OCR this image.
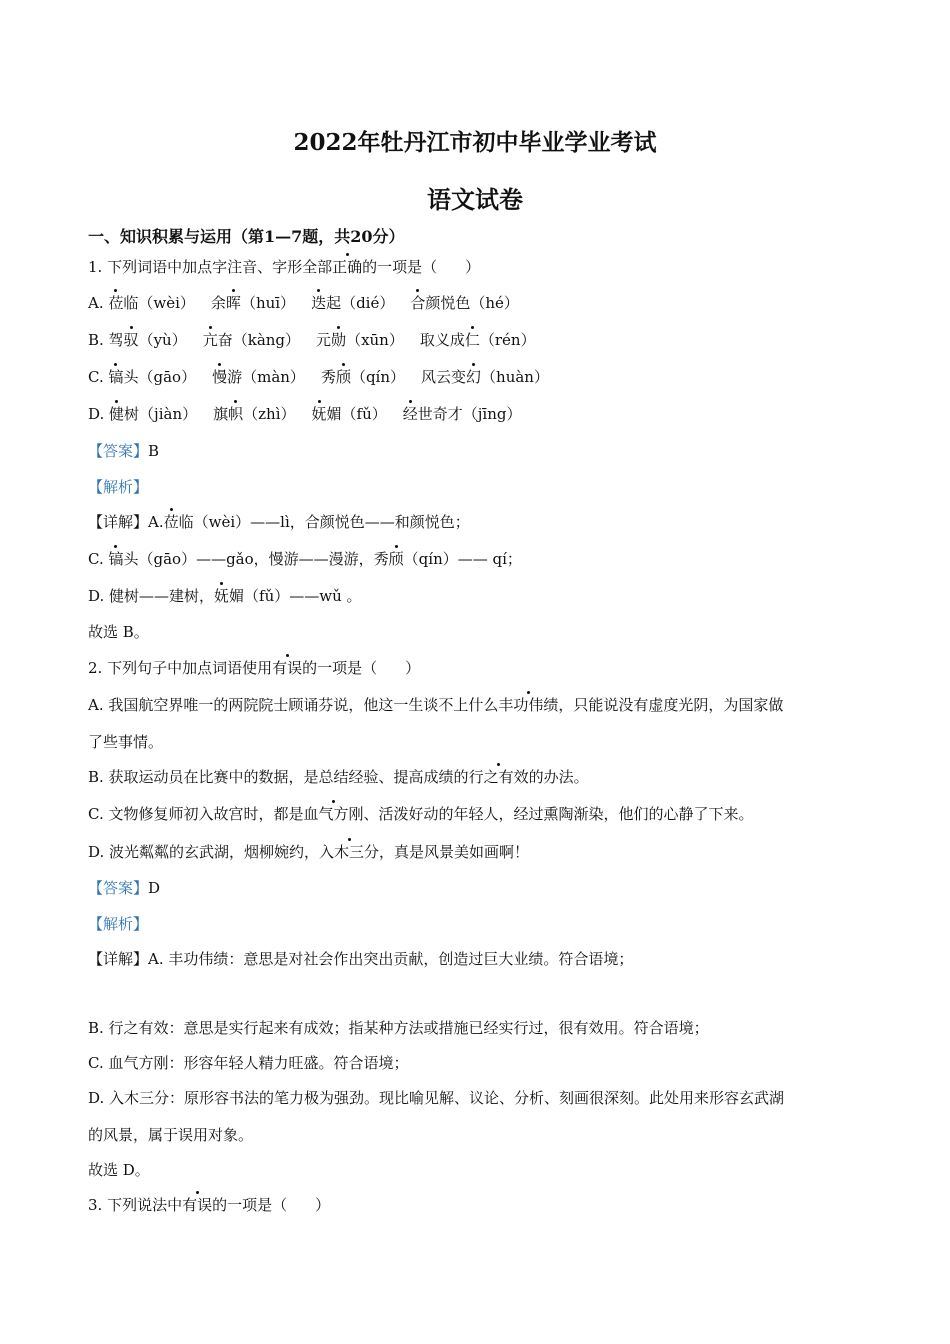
2022年牡丹江市初中毕业学业考试
语文试卷
一、知识积累与运用（第1—7题，共20分）
1. 下列词语中加点字注音、字形全部正确的一项是（ ）
A. 莅临（wèi） 余晖（huī） 迭起（dié） 合颜悦色（hé）
B. 驾驭（yù） 亢奋（kàng） 元勋（xūn） 取义成仁（rén）
C. 镐头（gāo） 慢游（màn） 秀颀（qín） 风云变幻（huàn）
D. 健树（jiàn） 旗帜（zhì） 妩媚（fǔ） 经世奇才（jīng）
【答案】B
【解析】
【详解】A.莅临（wèi）——lì，合颜悦色——和颜悦色；
C. 镐头（gāo）——gǎo，慢游——漫游，秀颀（qín）—— qí；
D. 健树——建树，妩媚（fǔ）——wǔ 。
故选 B。
2. 下列句子中加点词语使用有误的一项是（ ）
A. 我国航空界唯一的两院院士顾诵芬说，他这一生谈不上什么丰功伟绩，只能说没有虚度光阴，为国家做
了些事情。
B. 获取运动员在比赛中的数据，是总结经验、提高成绩的行之有效的办法。
C. 文物修复师初入故宫时，都是血气方刚、活泼好动的年轻人，经过熏陶渐染，他们的心静了下来。
D. 波光粼粼的玄武湖，烟柳婉约，入木三分，真是风景美如画啊！
【答案】D
【解析】
【详解】A. 丰功伟绩：意思是对社会作出突出贡献，创造过巨大业绩。符合语境；
B. 行之有效：意思是实行起来有成效；指某种方法或措施已经实行过，很有效用。符合语境；
C. 血气方刚：形容年轻人精力旺盛。符合语境；
D. 入木三分：原形容书法的笔力极为强劲。现比喻见解、议论、分析、刻画很深刻。此处用来形容玄武湖
的风景，属于误用对象。
故选 D。
3. 下列说法中有误的一项是（ ）
